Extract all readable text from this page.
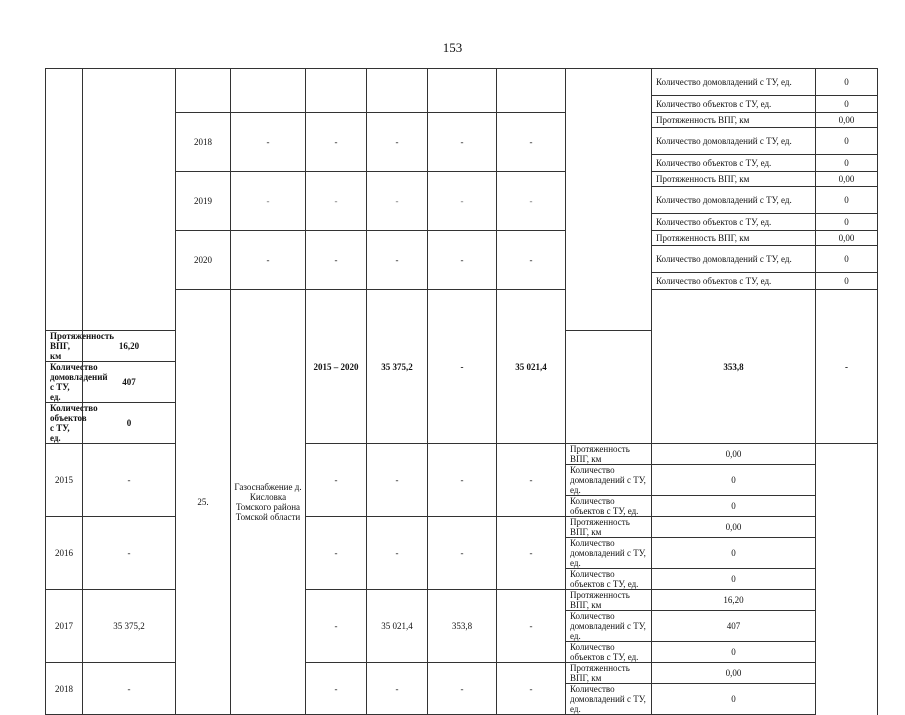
153
									Количество домовладений с ТУ, ед.	0	
									Количество объектов с ТУ, ед.	0	
		2018	-	-	-	-	-		Протяженность ВПГ, км	0,00	
									Количество домовладений с ТУ, ед.	0	
									Количество объектов с ТУ, ед.	0	
		2019	-	-	-	-	-		Протяженность ВПГ, км	0,00	
									Количество домовладений с ТУ, ед.	0	
									Количество объектов с ТУ, ед.	0	
		2020	-	-	-	-	-		Протяженность ВПГ, км	0,00	
									Количество домовладений с ТУ, ед.	0	
									Количество объектов с ТУ, ед.	0	
		25.	Газоснабжение д. Кисловка Томского района Томской области	2015 – 2020	35 375,2	-	35 021,4		353,8	-			
Протяженность ВПГ, км	16,20										
Количество домовладений с ТУ, ед.	407										
Количество объектов с ТУ, ед.	0										
2015	-			-	-	-	-	Протяженность ВПГ, км	0,00		
								Количество домовладений с ТУ, ед.	0		
								Количество объектов с ТУ, ед.	0		
2016	-			-	-	-	-	Протяженность ВПГ, км	0,00		
								Количество домовладений с ТУ, ед.	0		
								Количество объектов с ТУ, ед.	0		
2017	35 375,2			-	35 021,4	353,8	-	Протяженность ВПГ, км	16,20		
								Количество домовладений с ТУ, ед.	407		
								Количество объектов с ТУ, ед.	0		
2018	-			-	-	-	-	Протяженность ВПГ, км	0,00		
								Количество домовладений с ТУ, ед.	0		
